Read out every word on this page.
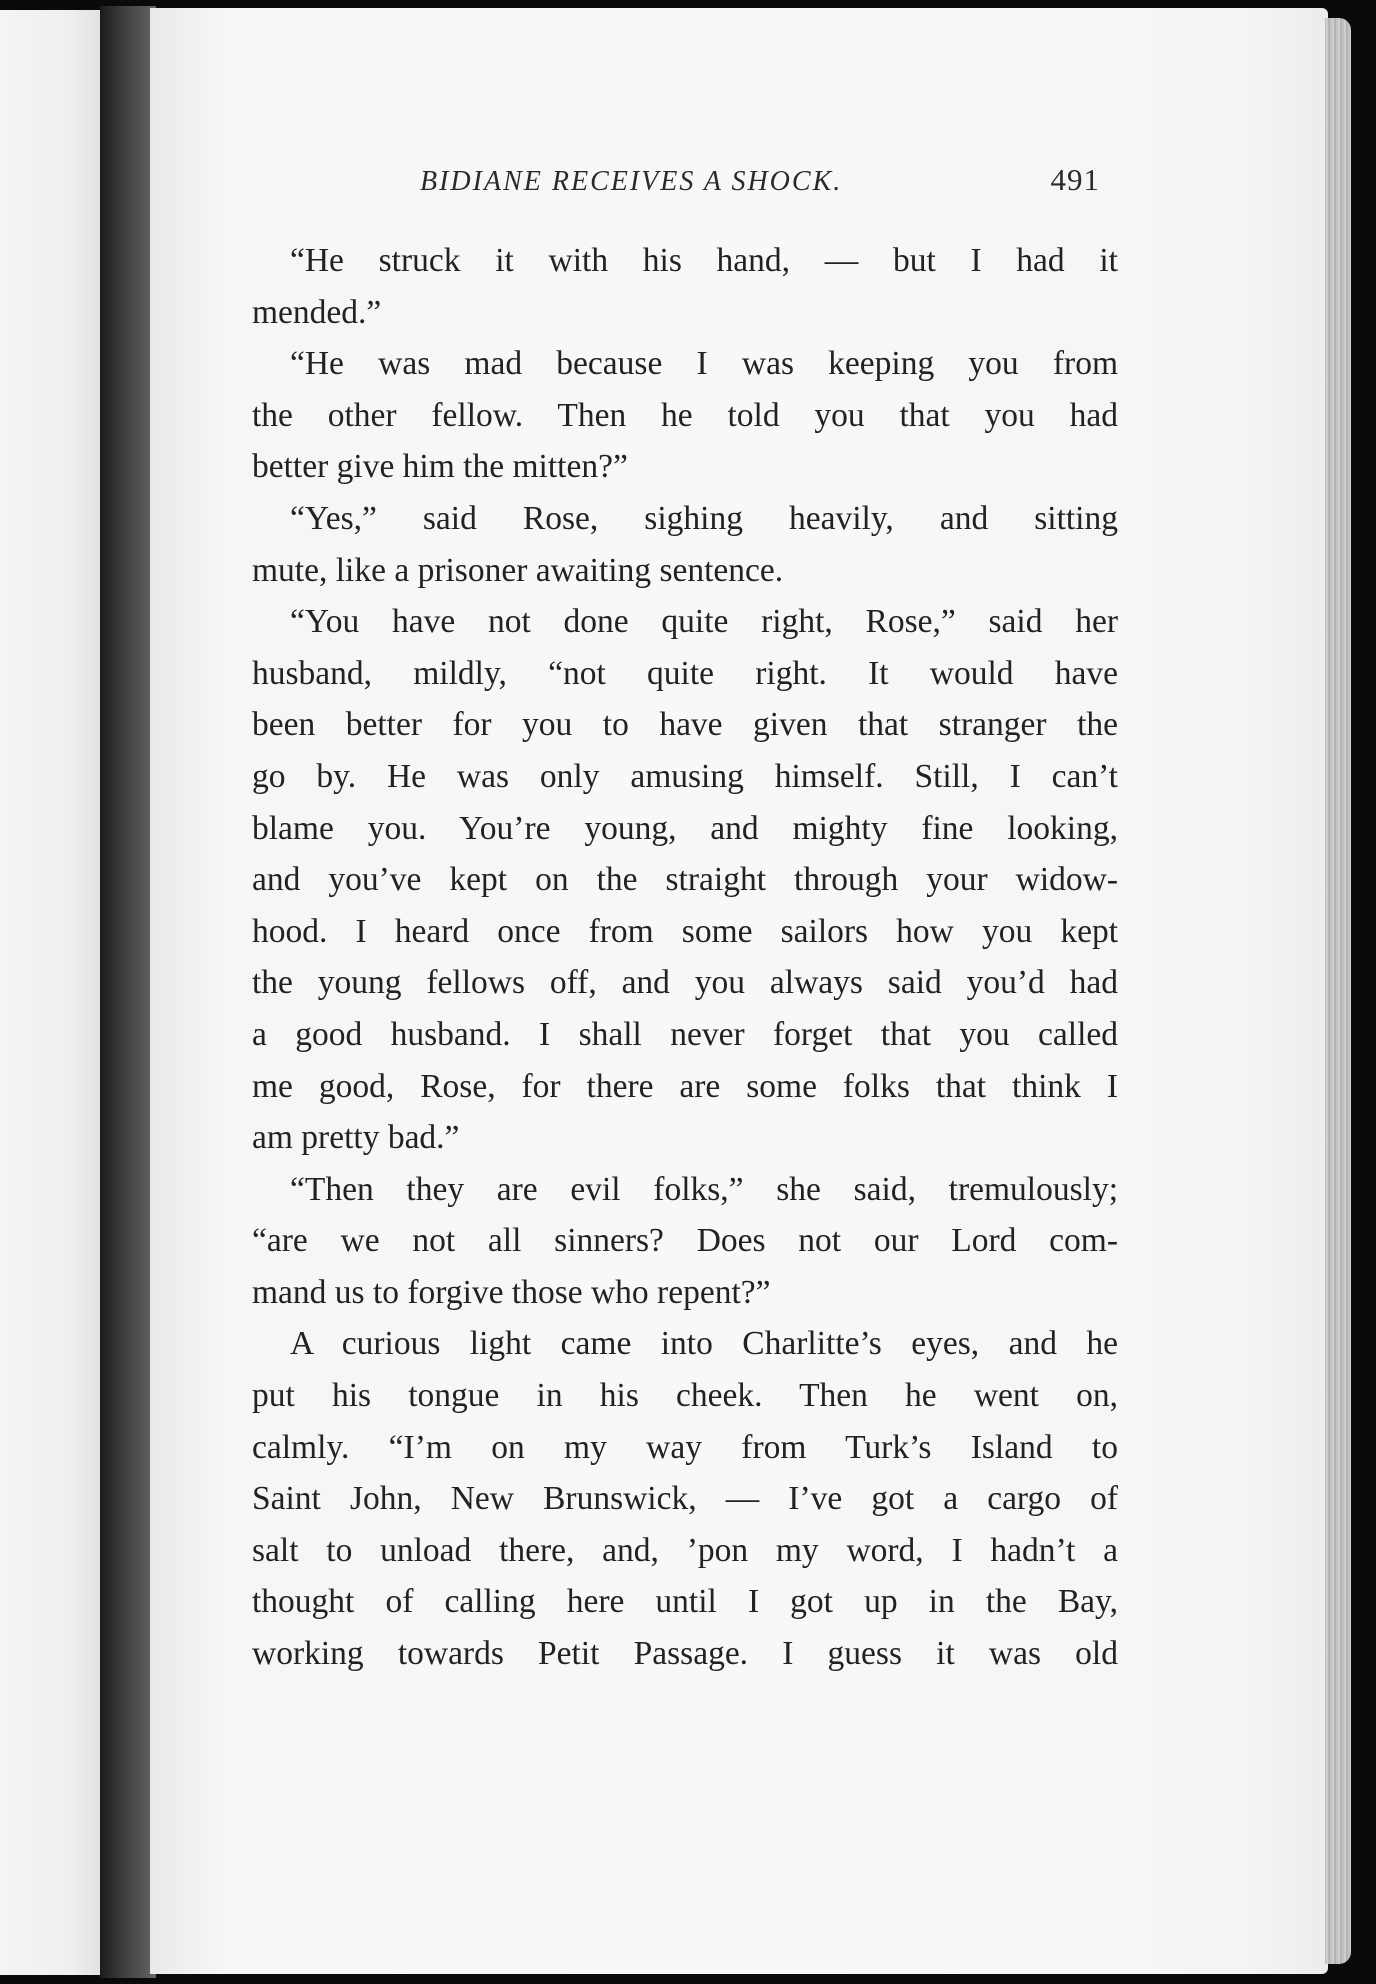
BIDIANE RECEIVES A SHOCK.	491
“He struck it with his hand, — but I had it
mended.”
“He was mad because I was keeping you from
the other fellow. Then he told you that you had
better give him the mitten?”
“Yes,” said Rose, sighing heavily, and sitting
mute, like a prisoner awaiting sentence.
“You have not done quite right, Rose,” said her
husband, mildly, “not quite right. It would have
been better for you to have given that stranger the
go by. He was only amusing himself. Still, I can’t
blame you. You’re young, and mighty fine looking,
and you’ve kept on the straight through your widow-
hood. I heard once from some sailors how you kept
the young fellows off, and you always said you’d had
a good husband. I shall never forget that you called
me good, Rose, for there are some folks that think I
am pretty bad.”
“Then they are evil folks,” she said, tremulously;
“are we not all sinners? Does not our Lord com-
mand us to forgive those who repent?”
A curious light came into Charlitte’s eyes, and he
put his tongue in his cheek. Then he went on,
calmly. “I’m on my way from Turk’s Island to
Saint John, New Brunswick, — I’ve got a cargo of
salt to unload there, and, ’pon my word, I hadn’t a
thought of calling here until I got up in the Bay,
working towards Petit Passage. I guess it was old
